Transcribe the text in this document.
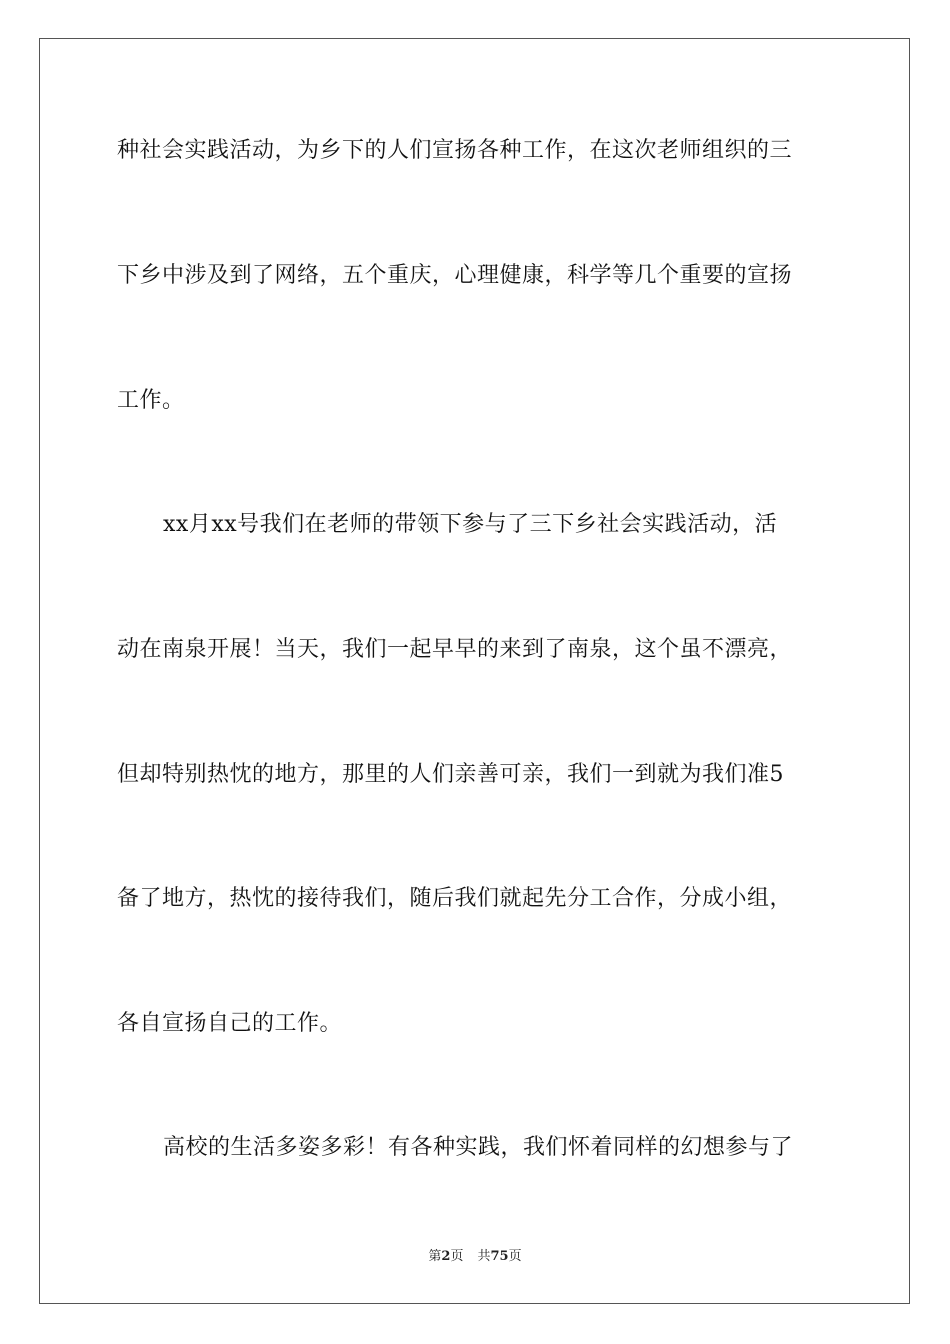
种社会实践活动，为乡下的人们宣扬各种工作，在这次老师组织的三
下乡中涉及到了网络，五个重庆，心理健康，科学等几个重要的宣扬
工作。
xx月xx号我们在老师的带领下参与了三下乡社会实践活动，活
动在南泉开展！当天，我们一起早早的来到了南泉，这个虽不漂亮，
但却特别热忱的地方，那里的人们亲善可亲，我们一到就为我们准5
备了地方，热忱的接待我们，随后我们就起先分工合作，分成小组，
各自宣扬自己的工作。
高校的生活多姿多彩！有各种实践，我们怀着同样的幻想参与了
第2页 共75页
